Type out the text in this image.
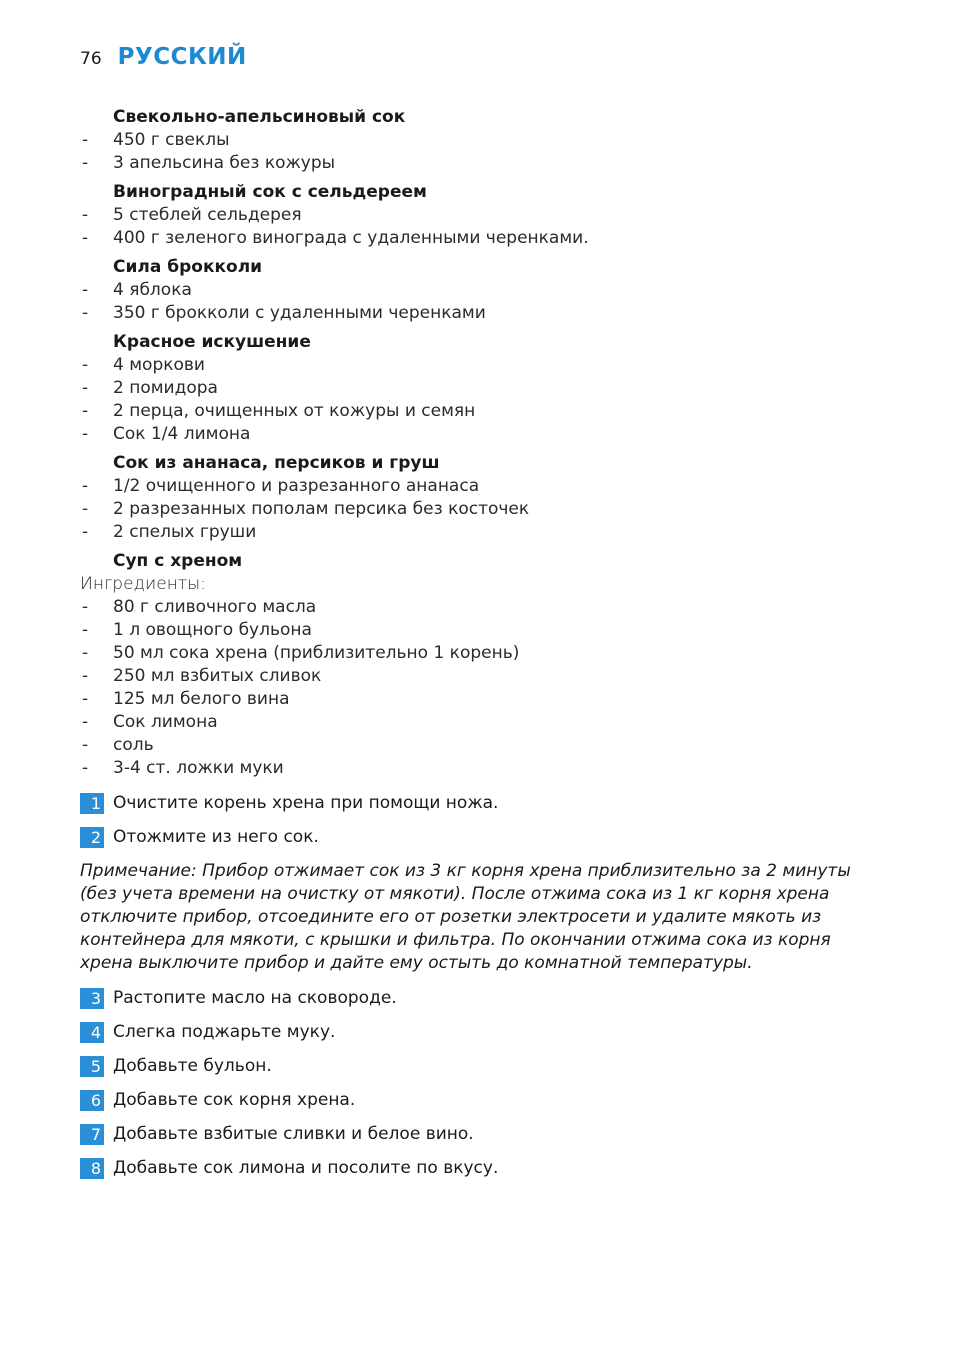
76 РУССКИЙ
Свекольно-апельсиновый сок
- 450 г свеклы
- 3 апельсина без кожуры
Виноградный сок с сельдереем
- 5 стеблей сельдерея
- 400 г зеленого винограда с удаленными черенками.
Сила брокколи
- 4 яблока
- 350 г брокколи с удаленными черенками
Красное искушение
- 4 моркови
- 2 помидора
- 2 перца, очищенных от кожуры и семян
- Сок 1/4 лимона
Сок из ананаса, персиков и груш
- 1/2 очищенного и разрезанного ананаса
- 2 разрезанных пополам персика без косточек
- 2 спелых груши
Суп с хреном
Ингредиенты:
- 80 г сливочного масла
- 1 л овощного бульона
- 50 мл сока хрена (приблизительно 1 корень)
- 250 мл взбитых сливок
- 125 мл белого вина
- Сок лимона
- соль
- 3-4 ст. ложки муки
1 Очистите корень хрена при помощи ножа.
2 Отожмите из него сок.
Примечание: Прибор отжимает сок из 3 кг корня хрена приблизительно за 2 минуты (без учета времени на очистку от мякоти). После отжима сока из 1 кг корня хрена отключите прибор, отсоедините его от розетки электросети и удалите мякоть из контейнера для мякоти, с крышки и фильтра. По окончании отжима сока из корня хрена выключите прибор и дайте ему остыть до комнатной температуры.
3 Растопите масло на сковороде.
4 Слегка поджарьте муку.
5 Добавьте бульон.
6 Добавьте сок корня хрена.
7 Добавьте взбитые сливки и белое вино.
8 Добавьте сок лимона и посолите по вкусу.
